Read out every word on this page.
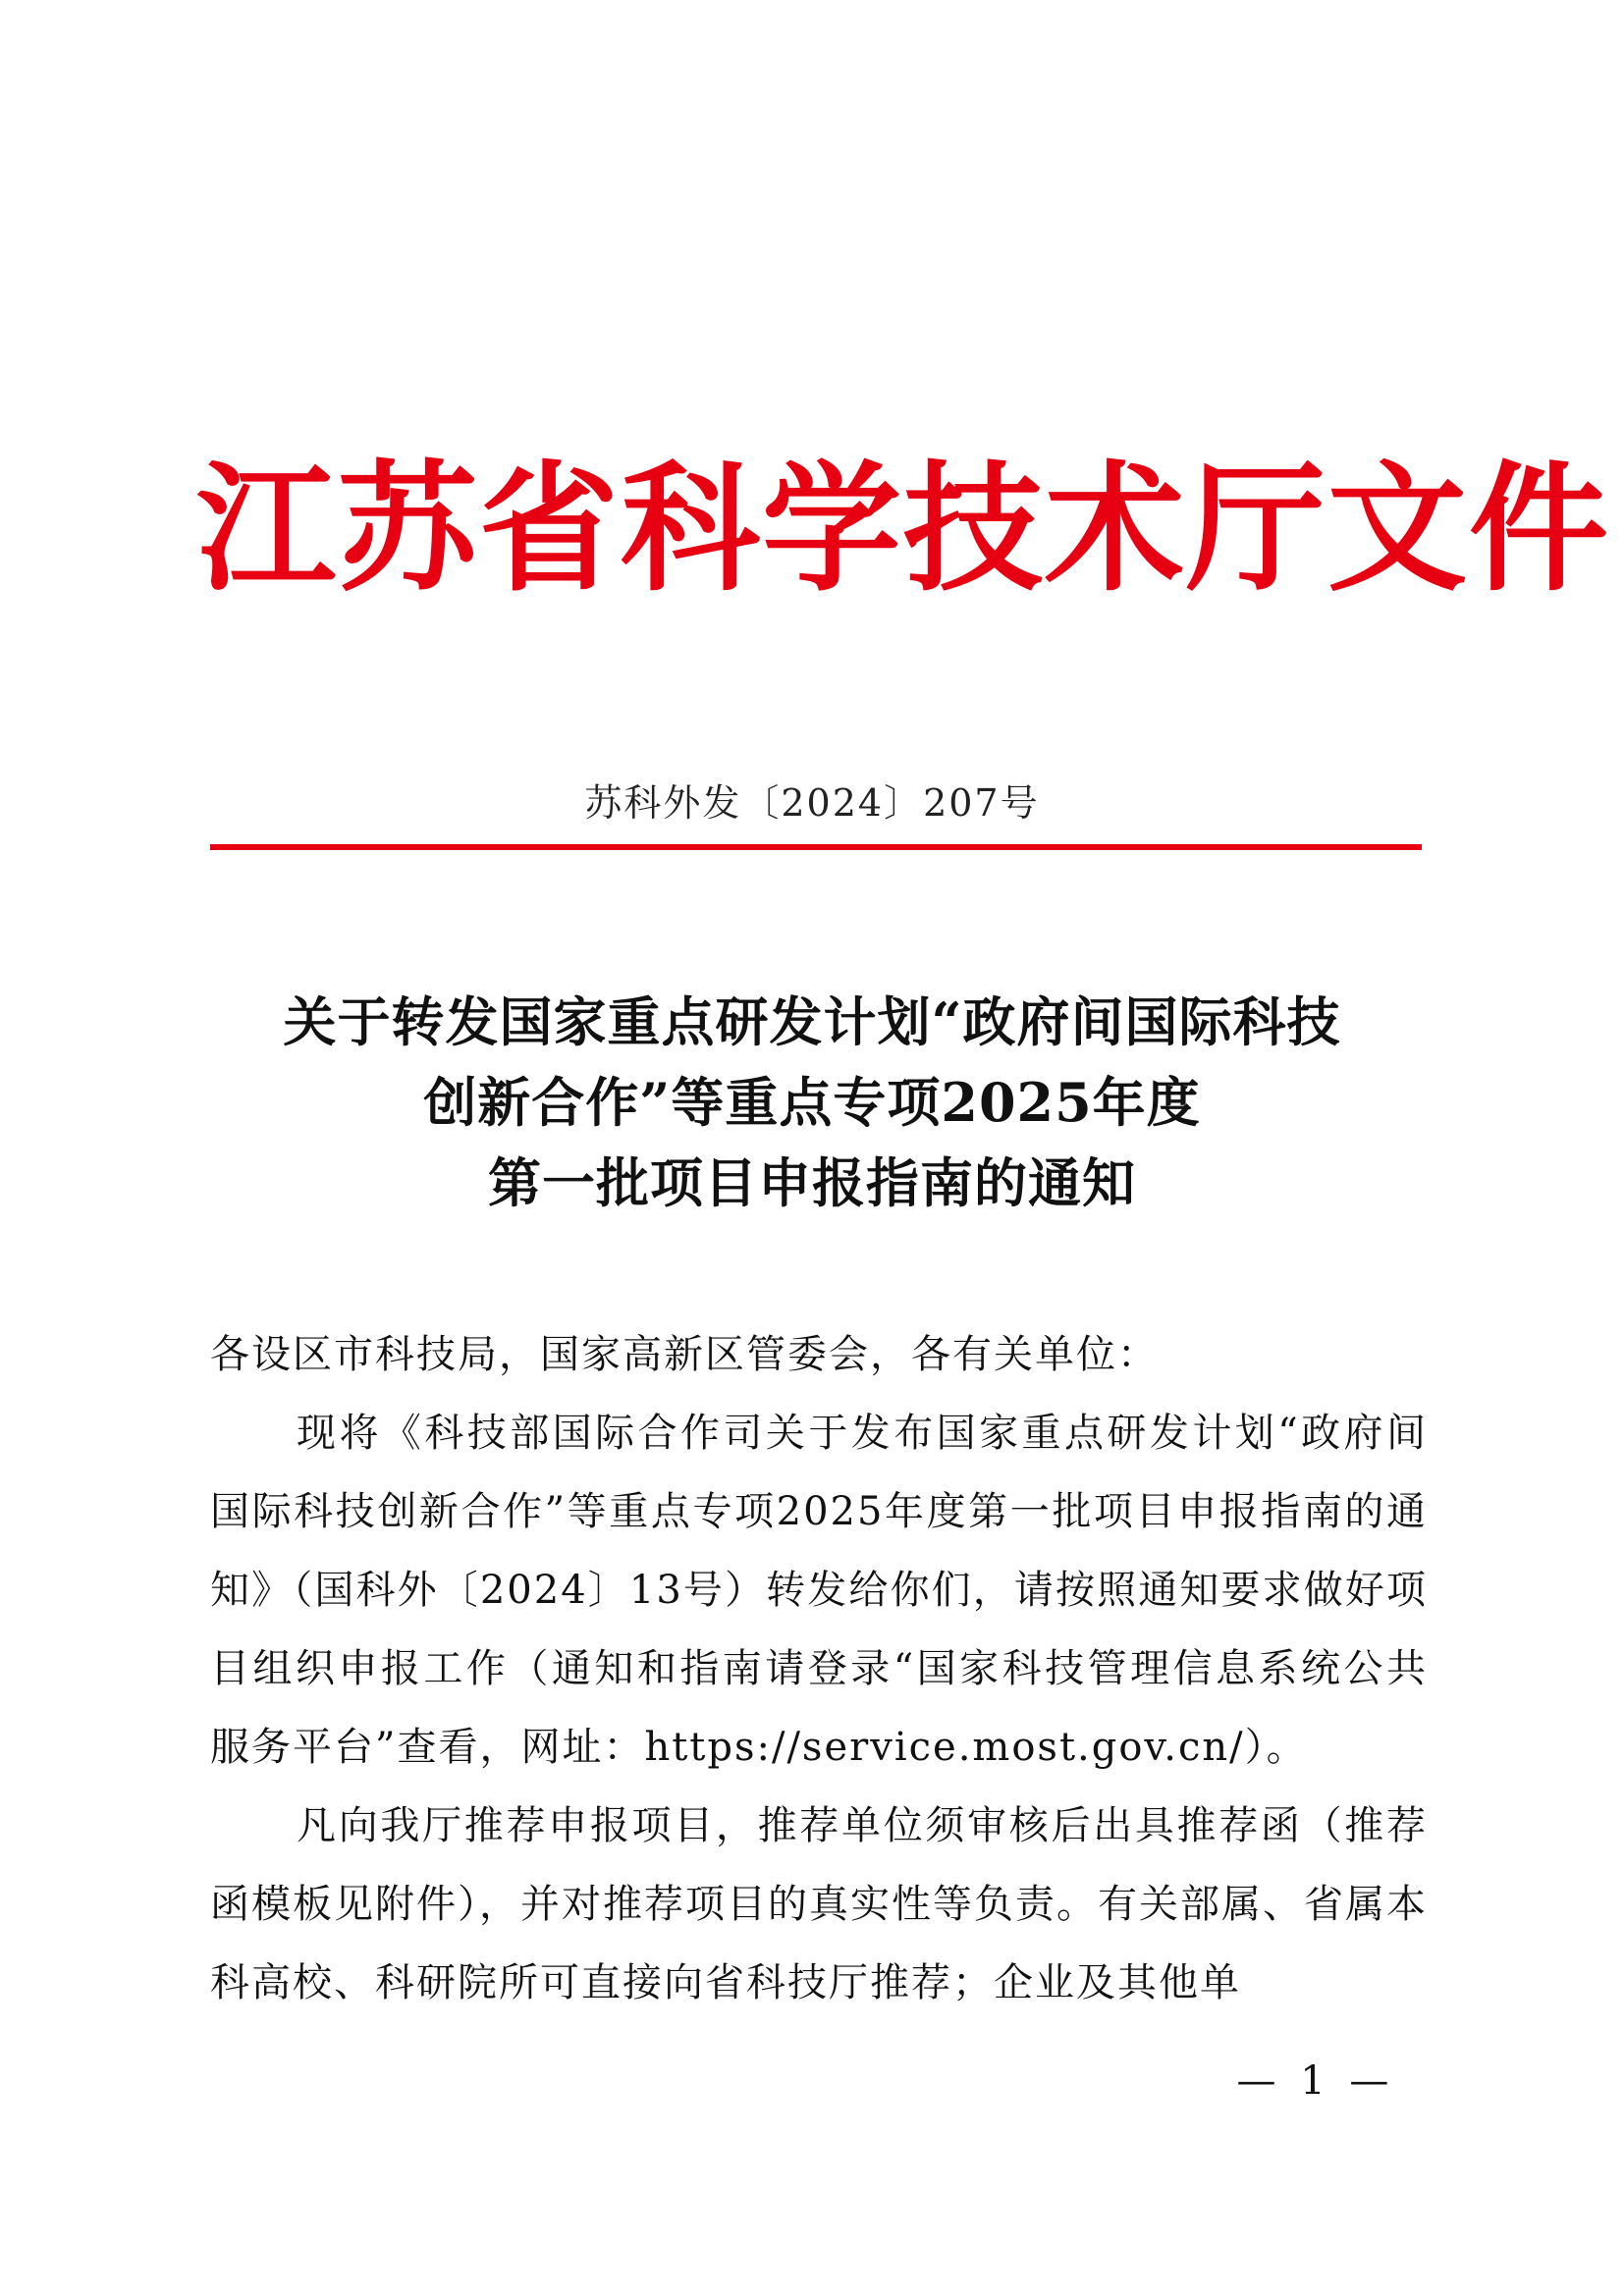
江苏省科学技术厅文件
苏科外发〔2024〕207号
关于转发国家重点研发计划“政府间国际科技
创新合作”等重点专项2025年度
第一批项目申报指南的通知

各设区市科技局，国家高新区管委会，各有关单位：

现将《科技部国际合作司关于发布国家重点研发计划“政府间国际科技创新合作”等重点专项2025年度第一批项目申报指南的通知》（国科外〔2024〕13号）转发给你们，请按照通知要求做好项目组织申报工作（通知和指南请登录“国家科技管理信息系统公共服务平台”查看，网址：https://service.most.gov.cn/）。

凡向我厅推荐申报项目，推荐单位须审核后出具推荐函（推荐函模板见附件），并对推荐项目的真实性等负责。有关部属、省属本科高校、科研院所可直接向省科技厅推荐；企业及其他单

— 1 —
